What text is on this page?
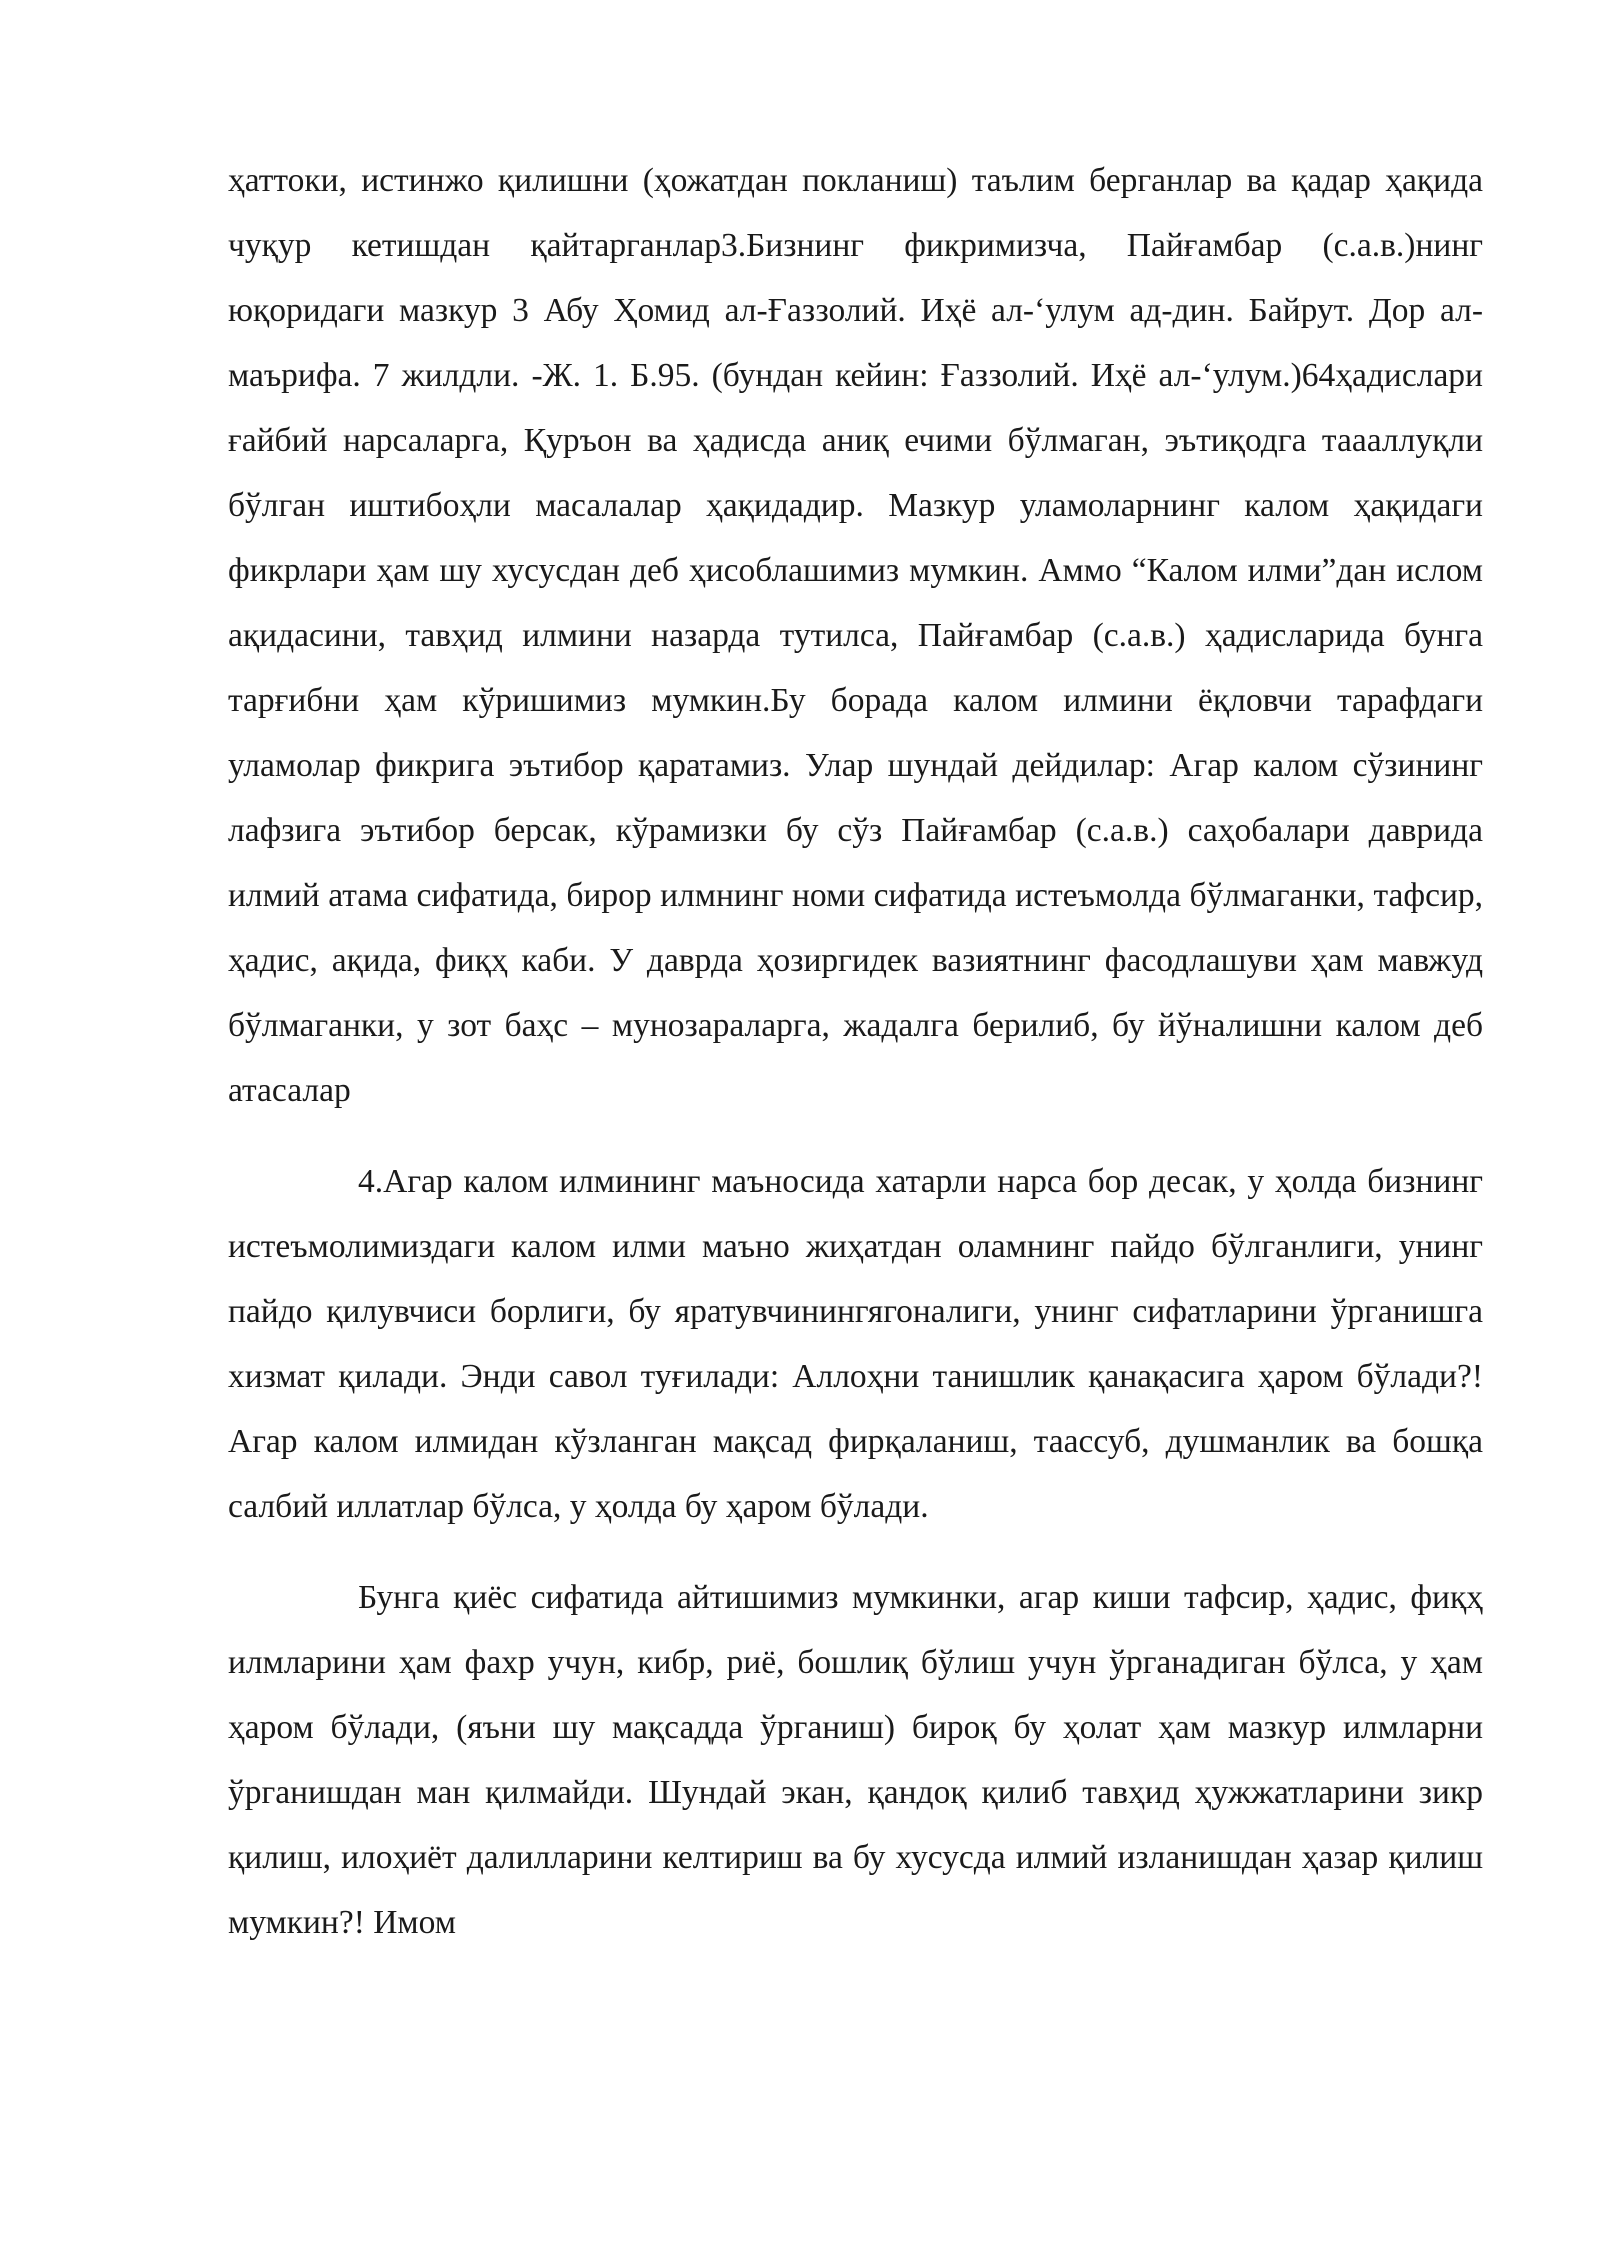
ҳаттоки, истинжо қилишни (ҳожатдан покланиш) таълим берганлар ва қадар ҳақида чуқур кетишдан қайтарганлар3.Бизнинг фикримизча, Пайғамбар (с.а.в.)нинг юқоридаги мазкур 3 Абу Ҳомид ал-Ғаззолий. Иҳё ал-‘улум ад-дин. Байрут. Дор ал-маърифа. 7 жилдли. -Ж. 1. Б.95. (бундан кейин: Ғаззолий. Иҳё ал-‘улум.)64ҳадислари ғайбий нарсаларга, Қуръон ва ҳадисда аниқ ечими бўлмаган, эътиқодга таааллуқли бўлган иштибоҳли масалалар ҳақидадир. Мазкур уламоларнинг калом ҳақидаги фикрлари ҳам шу хусусдан деб ҳисоблашимиз мумкин. Аммо “Калом илми”дан ислом ақидасини, тавҳид илмини назарда тутилса, Пайғамбар (с.а.в.) ҳадисларида бунга тарғибни ҳам кўришимиз мумкин.Бу борада калом илмини ёқловчи тарафдаги уламолар фикрига эътибор қаратамиз. Улар шундай дейдилар: Агар калом сўзининг лафзига эътибор берсак, кўрамизки бу сўз Пайғамбар (с.а.в.) саҳобалари даврида илмий атама сифатида, бирор илмнинг номи сифатида истеъмолда бўлмаганки, тафсир, ҳадис, ақида, фиқҳ каби. У даврда ҳозиргидек вазиятнинг фасодлашуви ҳам мавжуд бўлмаганки, у зот баҳс – мунозараларга, жадалга берилиб, бу йўналишни калом деб атасалар

4.Агар калом илмининг маъносида хатарли нарса бор десак, у ҳолда бизнинг истеъмолимиздаги калом илми маъно жиҳатдан оламнинг пайдо бўлганлиги, унинг пайдо қилувчиси борлиги, бу яратувчинингягоналиги, унинг сифатларини ўрганишга хизмат қилади. Энди савол туғилади: Аллоҳни танишлик қанақасига ҳаром бўлади?!Агар калом илмидан кўзланган мақсад фирқаланиш, таассуб, душманлик ва бошқа салбий иллатлар бўлса, у ҳолда бу ҳаром бўлади.

Бунга қиёс сифатида айтишимиз мумкинки, агар киши тафсир, ҳадис, фиқҳ илмларини ҳам фахр учун, кибр, риё, бошлиқ бўлиш учун ўрганадиган бўлса, у ҳам ҳаром бўлади, (яъни шу мақсадда ўрганиш) бироқ бу ҳолат ҳам мазкур илмларни ўрганишдан ман қилмайди. Шундай экан, қандоқ қилиб тавҳид ҳужжатларини зикр қилиш, илоҳиёт далилларини келтириш ва бу хусусда илмий изланишдан ҳазар қилиш мумкин?! Имом
